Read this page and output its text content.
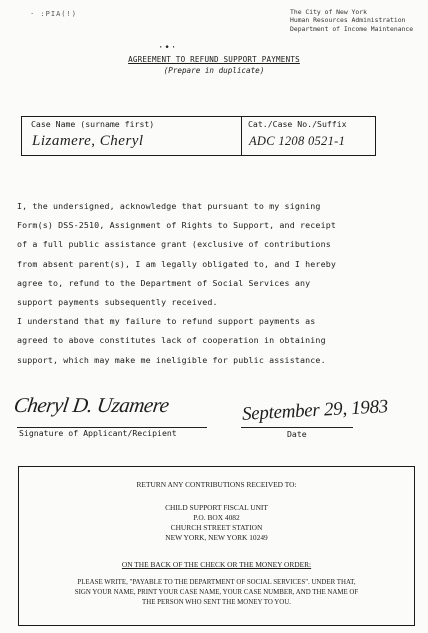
· :PIA(!)	The City of New York
Human Resources Administration
Department of Income Maintenance
·•·
AGREEMENT TO REFUND SUPPORT PAYMENTS
(Prepare in duplicate)
Case Name (surname first)
Lizamere, Cheryl
Cat./Case No./Suffix
ADC 1208 0521-1

I, the undersigned, acknowledge that pursuant to my signing

Form(s) DSS-2510, Assignment of Rights to Support, and receipt

of a full public assistance grant (exclusive of contributions

from absent parent(s), I am legally obligated to, and I hereby

agree to, refund to the Department of Social Services any

support payments subsequently received.

I understand that my failure to refund support payments as

agreed to above constitutes lack of cooperation in obtaining

support, which may make me ineligible for public assistance.

Cheryl D. Uzamere
Signature of Applicant/Recipient
September 29, 1983
Date
RETURN ANY CONTRIBUTIONS RECEIVED TO:
CHILD SUPPORT FISCAL UNIT
P.O. BOX 4082
CHURCH STREET STATION
NEW YORK, NEW YORK 10249
ON THE BACK OF THE CHECK OR THE MONEY ORDER:
PLEASE WRITE, "PAYABLE TO THE DEPARTMENT OF SOCIAL SERVICES". UNDER THAT,
SIGN YOUR NAME, PRINT YOUR CASE NAME, YOUR CASE NUMBER, AND THE NAME OF
THE PERSON WHO SENT THE MONEY TO YOU.
